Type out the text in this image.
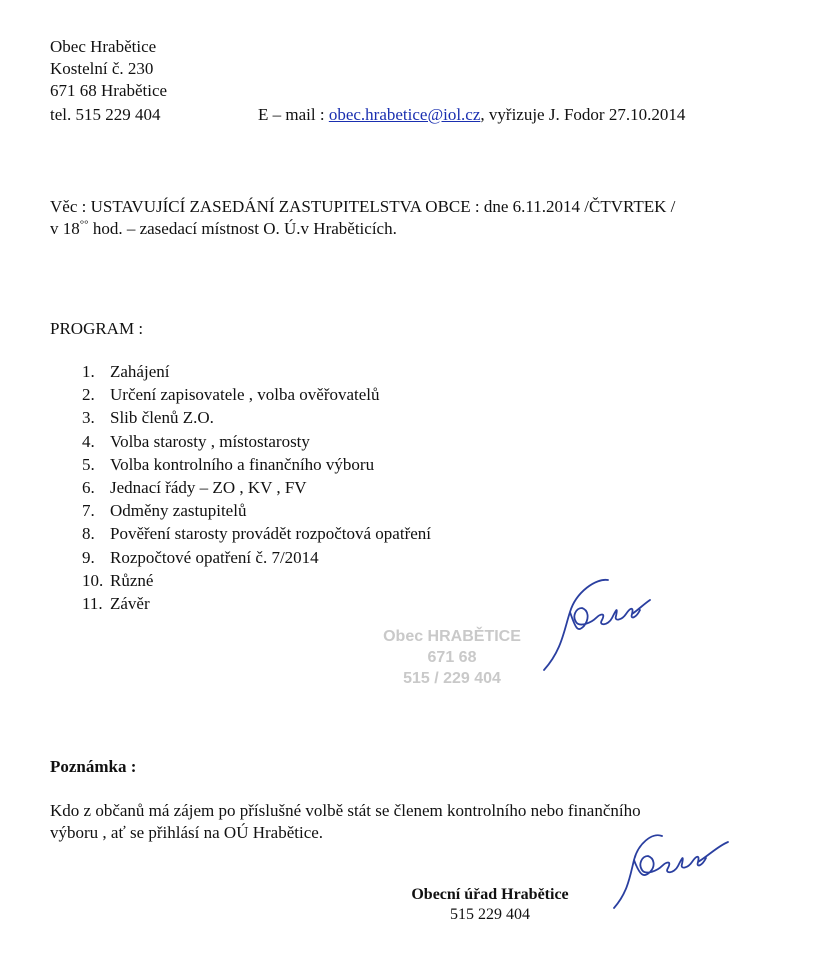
Obec Hrabětice
Kostelní č. 230
671 68 Hrabětice
tel. 515 229 404	E – mail : obec.hrabetice@iol.cz, vyřizuje J. Fodor 27.10.2014
Věc : USTAVUJÍCÍ ZASEDÁNÍ ZASTUPITELSTVA OBCE : dne 6.11.2014 /ČTVRTEK /
v 18°° hod. – zasedací místnost O. Ú.v Hraběticích.
PROGRAM :
1. Zahájení
2. Určení zapisovatele , volba ověřovatelů
3. Slib členů Z.O.
4. Volba starosty , místostarosty
5. Volba kontrolního a finančního výboru
6. Jednací řády – ZO , KV , FV
7. Odměny zastupitelů
8. Pověření starosty provádět rozpočtová opatření
9. Rozpočtové opatření č. 7/2014
10. Různé
11. Závěr
Obec HRABĚTICE
671 68
515 / 229 404
Poznámka :
Kdo z občanů má zájem po příslušné volbě stát se členem kontrolního nebo finančního
výboru , ať se přihlásí na OÚ Hrabětice.
Obecní úřad Hrabětice
515 229 404
